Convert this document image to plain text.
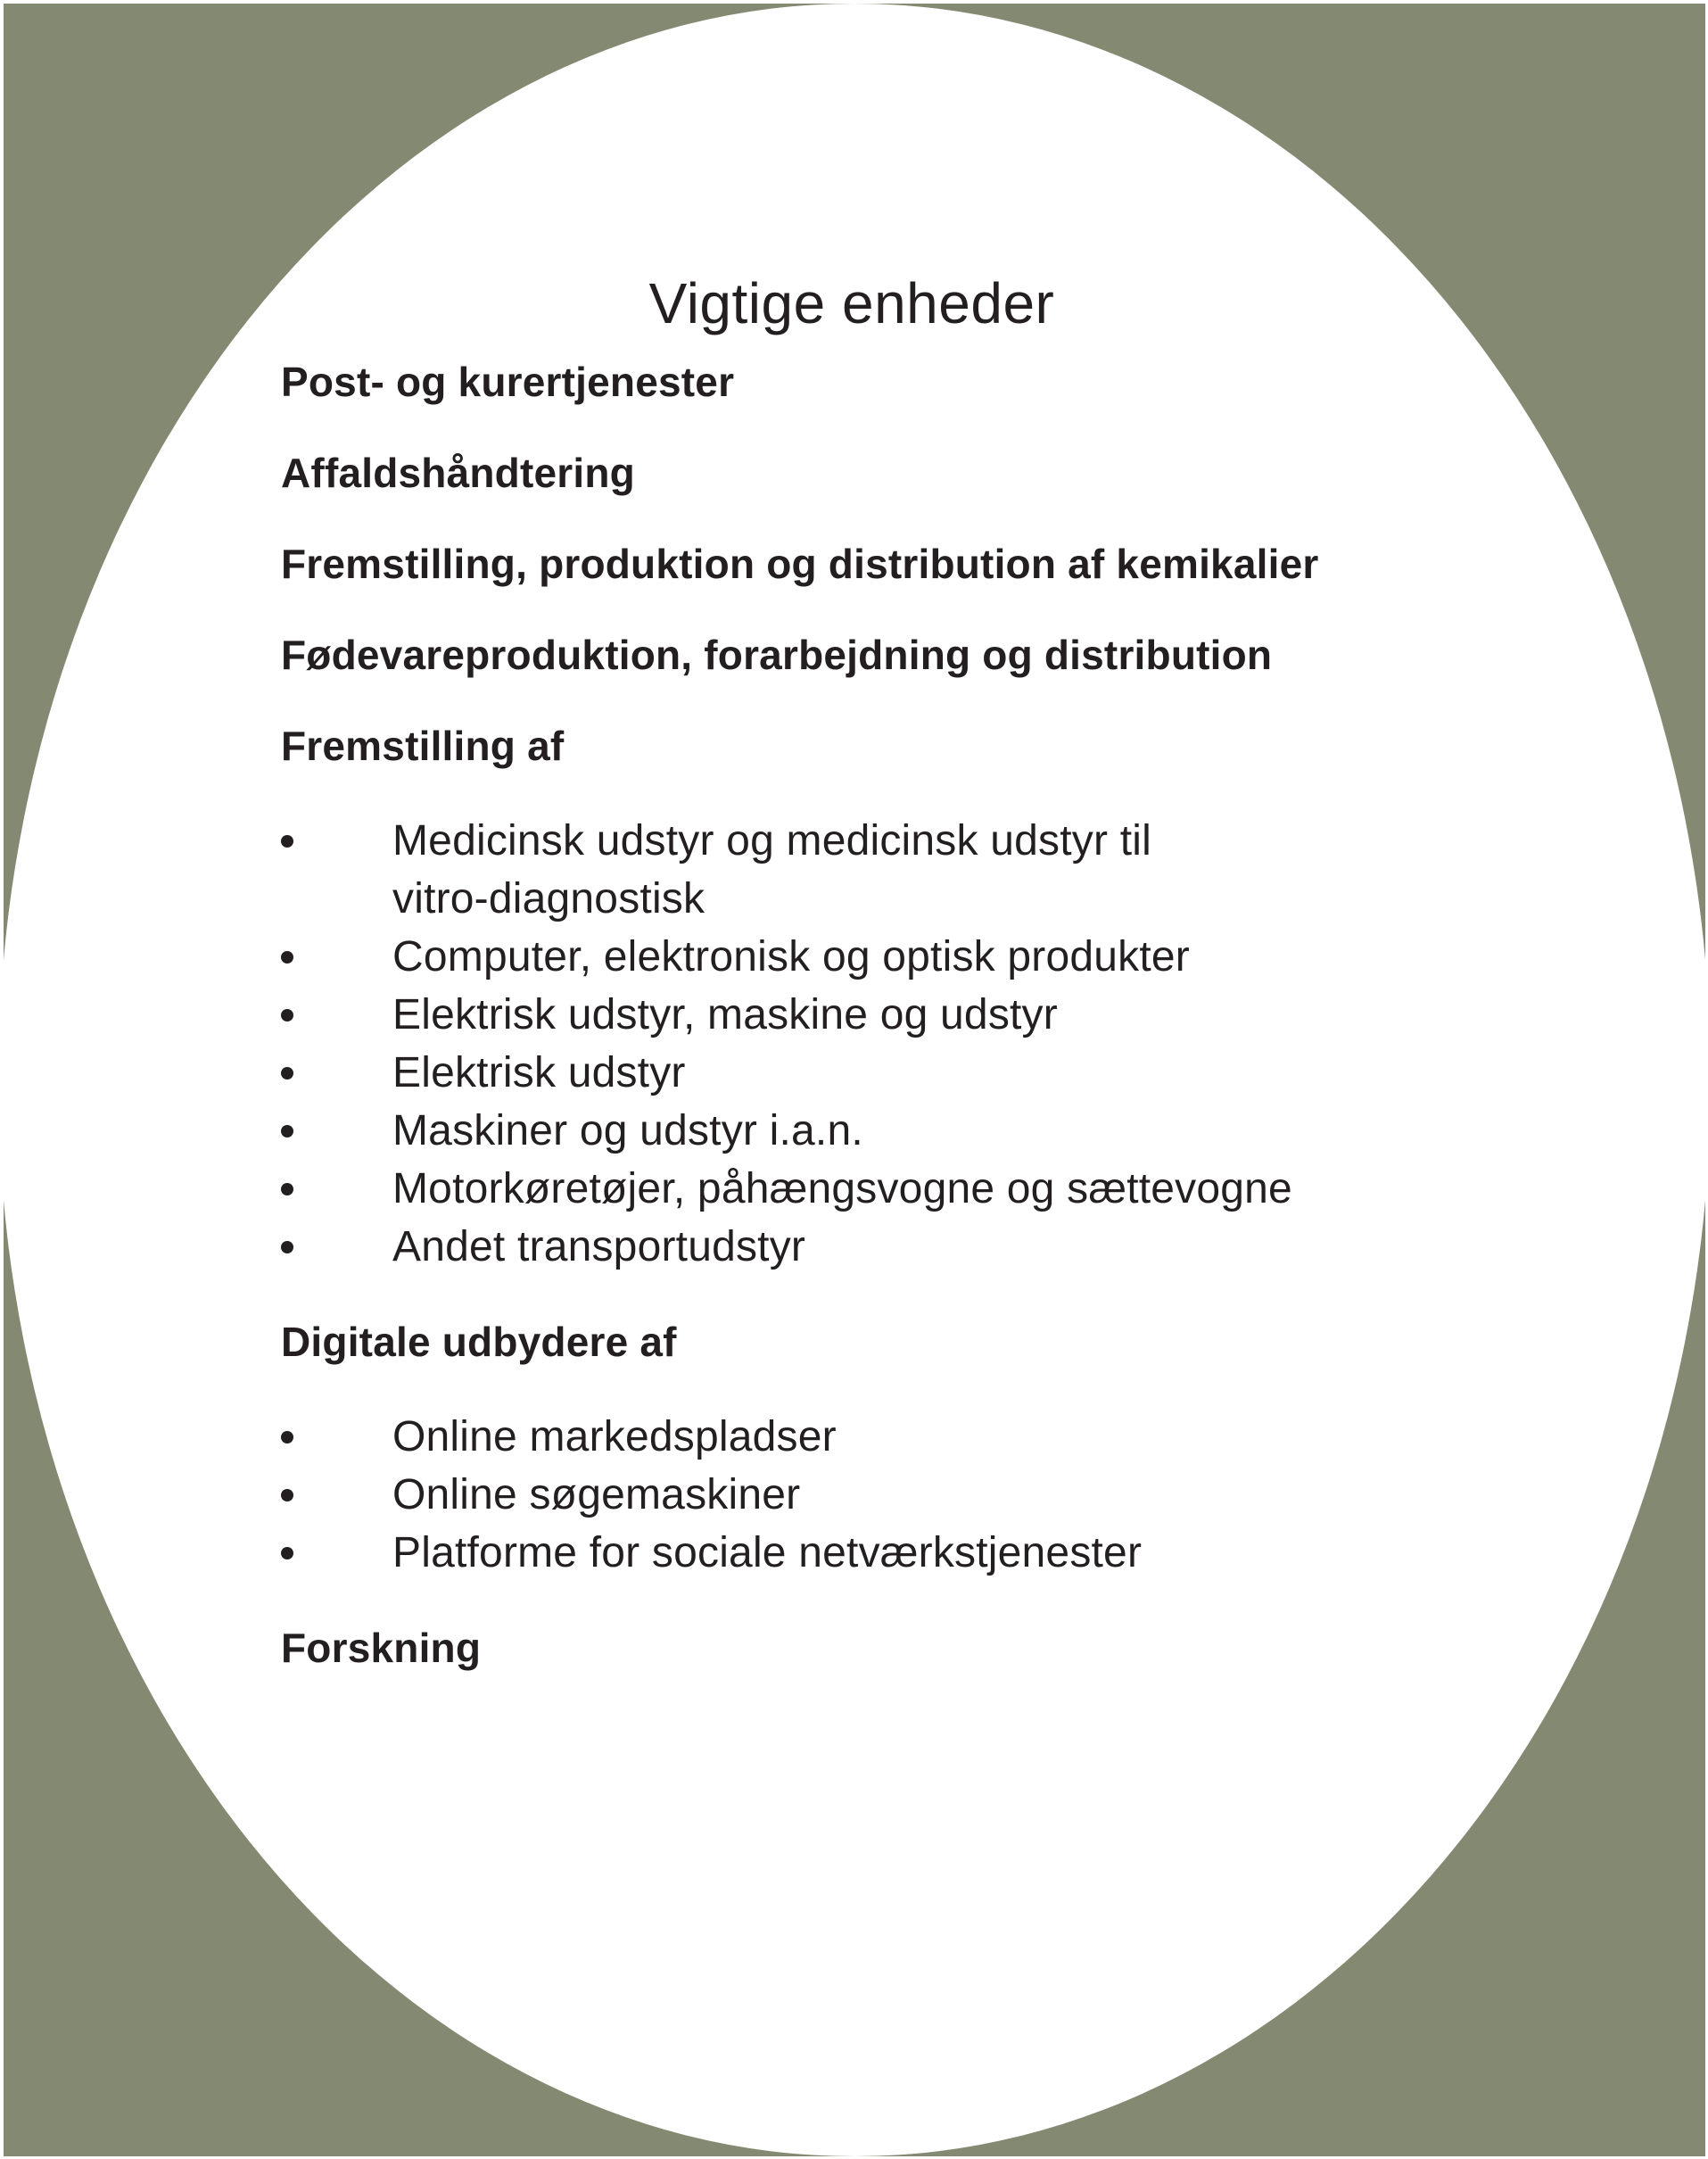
Vigtige enheder

Post- og kurertjenester

Affaldshåndtering

Fremstilling, produktion og distribution af kemikalier

Fødevareproduktion, forarbejdning og distribution

Fremstilling af

Medicinsk udstyr og medicinsk udstyr til vitro-diagnostisk
Computer, elektronisk og optisk produkter
Elektrisk udstyr, maskine og udstyr
Elektrisk udstyr
Maskiner og udstyr i.a.n.
Motorkøretøjer, påhængsvogne og sættevogne
Andet transportudstyr

Digitale udbydere af

Online markedspladser
Online søgemaskiner
Platforme for sociale netværkstjenester

Forskning
